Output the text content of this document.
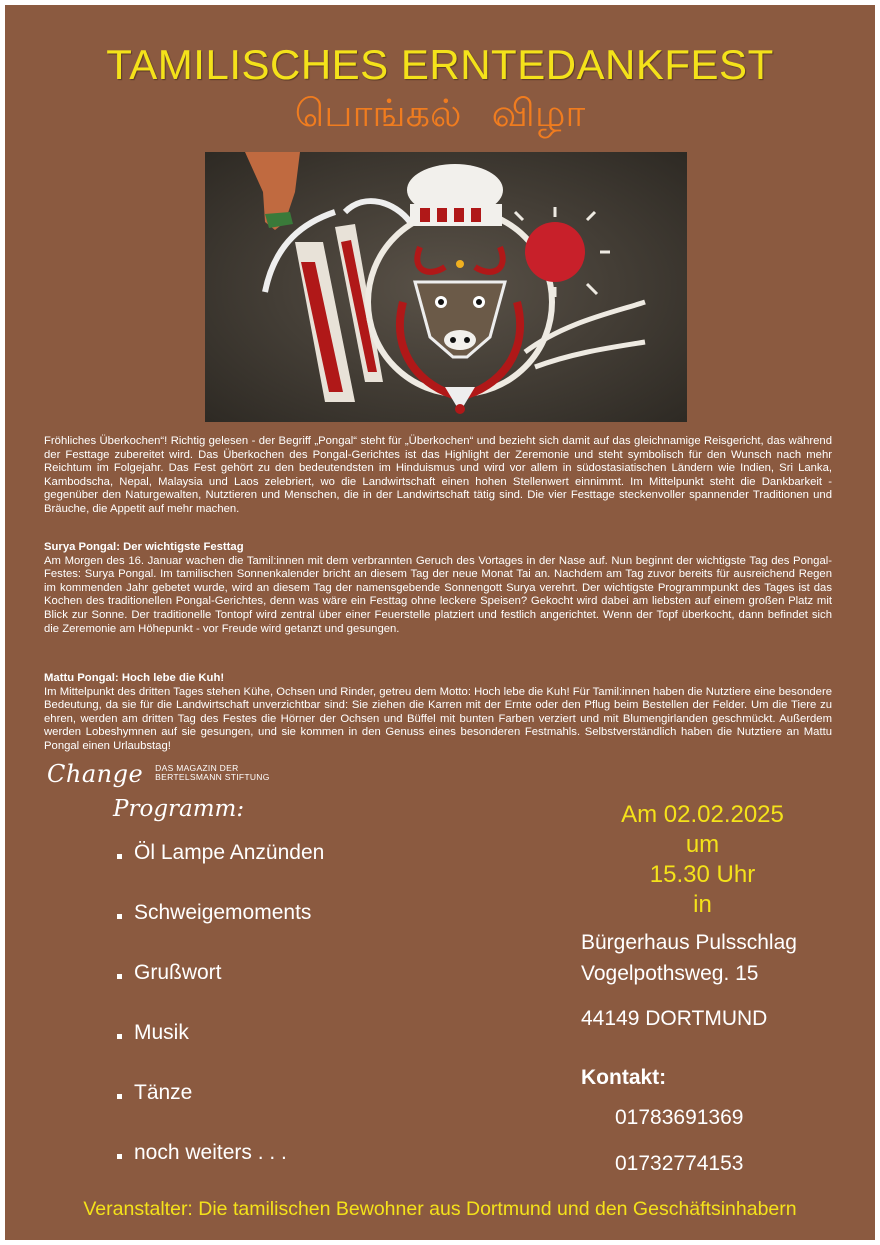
TAMILISCHES ERNTEDANKFEST
பொங்கல் விழா
Fröhliches Überkochen“! Richtig gelesen - der Begriff „Pongal“ steht für „Überkochen“ und bezieht sich damit auf das gleichnamige Reisgericht, das während der Festtage zubereitet wird. Das Überkochen des Pongal-Gerichtes ist das Highlight der Zeremonie und steht symbolisch für den Wunsch nach mehr Reichtum im Folgejahr. Das Fest gehört zu den bedeutendsten im Hinduismus und wird vor allem in südostasiatischen Ländern wie Indien, Sri Lanka, Kambodscha, Nepal, Malaysia und Laos zelebriert, wo die Landwirtschaft einen hohen Stellenwert einnimmt. Im Mittelpunkt steht die Dankbarkeit - gegenüber den Naturgewalten, Nutztieren und Menschen, die in der Landwirtschaft tätig sind. Die vier Festtage steckenvoller spannender Traditionen und Bräuche, die Appetit auf mehr machen.
Surya Pongal: Der wichtigste Festtag
Am Morgen des 16. Januar wachen die Tamil:innen mit dem verbrannten Geruch des Vortages in der Nase auf. Nun beginnt der wichtigste Tag des Pongal-Festes: Surya Pongal. Im tamilischen Sonnenkalender bricht an diesem Tag der neue Monat Tai an. Nachdem am Tag zuvor bereits für ausreichend Regen im kommenden Jahr gebetet wurde, wird an diesem Tag der namensgebende Sonnengott Surya verehrt. Der wichtigste Programmpunkt des Tages ist das Kochen des traditionellen Pongal-Gerichtes, denn was wäre ein Festtag ohne leckere Speisen? Gekocht wird dabei am liebsten auf einem großen Platz mit Blick zur Sonne. Der traditionelle Tontopf wird zentral über einer Feuerstelle platziert und festlich angerichtet. Wenn der Topf überkocht, dann befindet sich die Zeremonie am Höhepunkt - vor Freude wird getanzt und gesungen.
Mattu Pongal: Hoch lebe die Kuh!
Im Mittelpunkt des dritten Tages stehen Kühe, Ochsen und Rinder, getreu dem Motto: Hoch lebe die Kuh! Für Tamil:innen haben die Nutztiere eine besondere Bedeutung, da sie für die Landwirtschaft unverzichtbar sind: Sie ziehen die Karren mit der Ernte oder den Pflug beim Bestellen der Felder. Um die Tiere zu ehren, werden am dritten Tag des Festes die Hörner der Ochsen und Büffel mit bunten Farben verziert und mit Blumengirlanden geschmückt. Außerdem werden Lobeshymnen auf sie gesungen, und sie kommen in den Genuss eines besonderen Festmahls. Selbstverständlich haben die Nutztiere an Mattu Pongal einen Urlaubstag!
Change DAS MAGAZIN DER
BERTELSMANN STIFTUNG
Programm:
Öl Lampe Anzünden
Schweigemoments
Grußwort
Musik
Tänze
noch weiters . . .
Am 02.02.2025
um
15.30 Uhr
in
Bürgerhaus Pulsschlag
Vogelpothsweg. 15
44149 DORTMUND
Kontakt:
01783691369
01732774153
Veranstalter: Die tamilischen Bewohner aus Dortmund und den Geschäftsinhabern
